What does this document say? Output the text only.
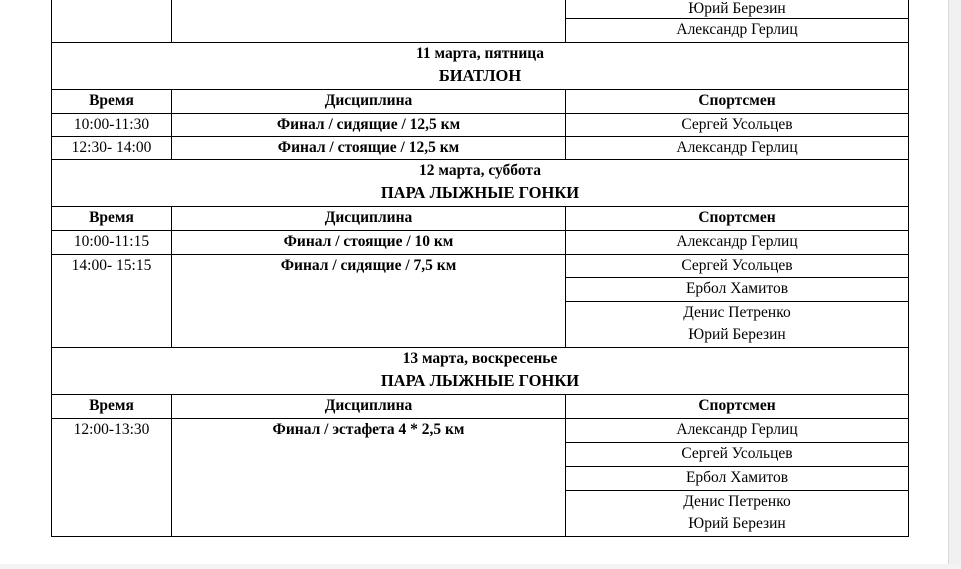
		Юрий Березин
		Александр Герлиц

11 марта, пятница
БИАТЛОН		

Время	Дисциплина	Спортсмен
10:00-11:30	Финал / сидящие / 12,5 км	Сергей Усольцев
12:30- 14:00	Финал / стоящие / 12,5 км	Александр Герлиц

12 марта, суббота
ПАРА ЛЫЖНЫЕ ГОНКИ		

Время	Дисциплина	Спортсмен
10:00-11:15	Финал / стоящие / 10 км	Александр Герлиц
14:00- 15:15	Финал / сидящие / 7,5 км	Сергей Усольцев
		Ербол Хамитов

		Денис Петренко
Юрий Березин

13 марта, воскресенье
ПАРА ЛЫЖНЫЕ ГОНКИ		

Время	Дисциплина	Спортсмен
12:00-13:30	Финал / эстафета 4 * 2,5 км	Александр Герлиц
		Сергей Усольцев
		Ербол Хамитов

		Денис Петренко
Юрий Березин
